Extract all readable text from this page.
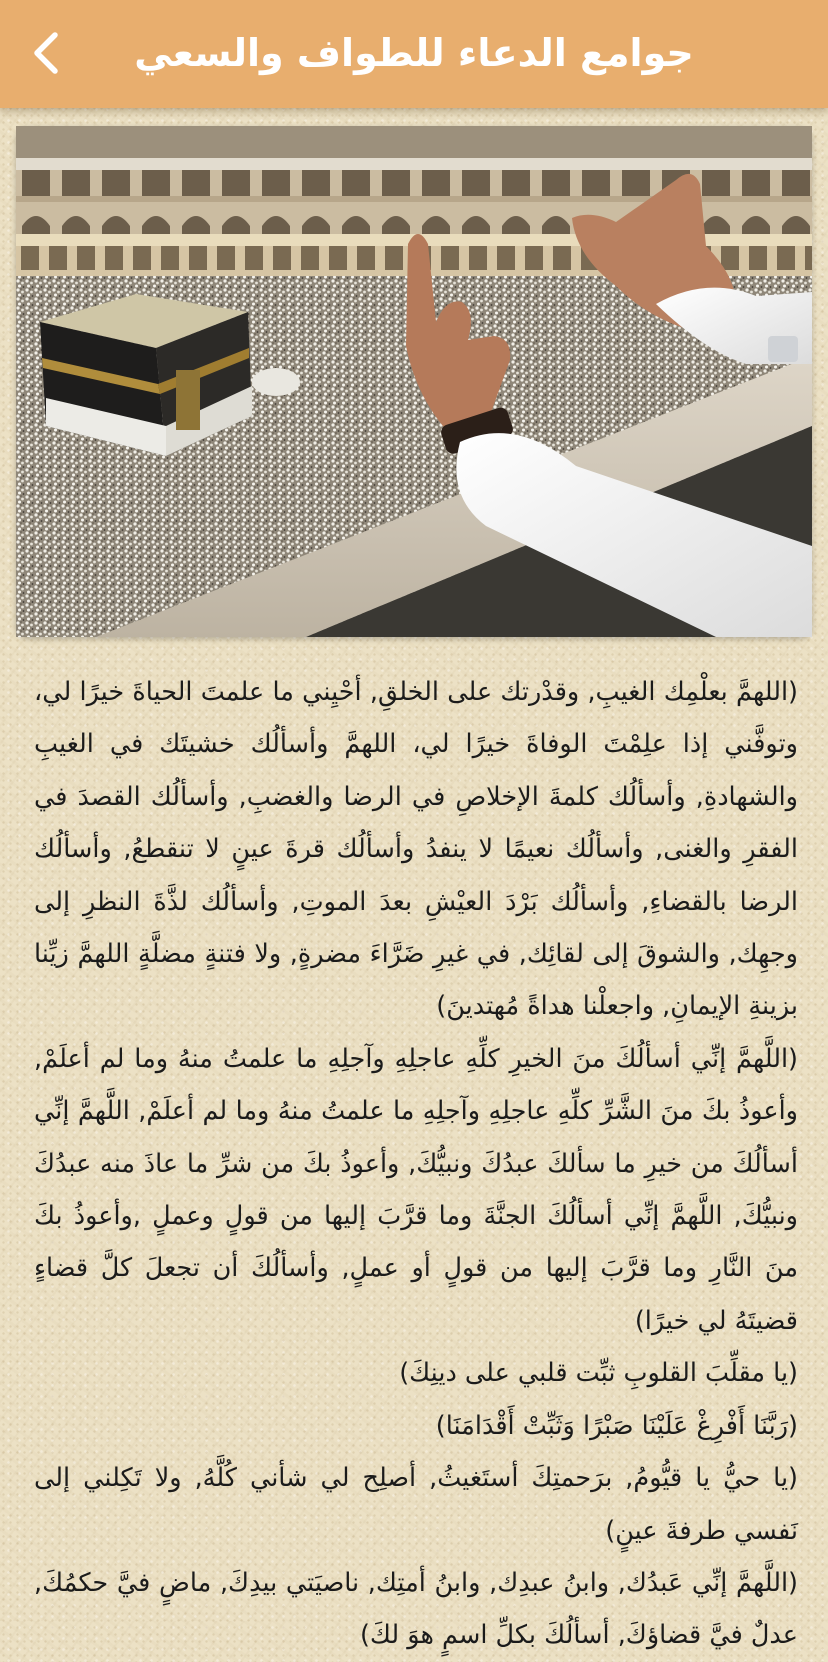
جوامع الدعاء للطواف والسعي

(اللهمَّ بعلْمِك الغيبِ, وقدْرتك على الخلقِ, أحْيِني ما علمتَ الحياةَ خيرًا لي، وتوفَّني إذا علِمْتَ الوفاةَ خيرًا لي، اللهمَّ وأسألُك خشيتَك في الغيبِ والشهادةِ, وأسألُك كلمةَ الإخلاصِ في الرضا والغضبِ, وأسألُك القصدَ في الفقرِ والغنى, وأسألُك نعيمًا لا ينفدُ وأسألُك قرةَ عينٍ لا تنقطعُ, وأسألُك الرضا بالقضاءِ, وأسألُك بَرْدَ العيْشِ بعدَ الموتِ, وأسألُك لذَّةَ النظرِ إلى وجهِك, والشوقَ إلى لقائِك, في غيرِ ضَرَّاءَ مضرةٍ, ولا فتنةٍ مضلَّةٍ اللهمَّ زيِّنا بزينةِ الإيمانِ, واجعلْنا هداةً مُهتدينَ)

(اللَّهمَّ إنِّي أسألُكَ منَ الخيرِ كلِّهِ عاجلِهِ وآجلِهِ ما علمتُ منهُ وما لم أعلَمْ, وأعوذُ بكَ منَ الشَّرِّ كلِّهِ عاجلِهِ وآجلِهِ ما علمتُ منهُ وما لم أعلَمْ, اللَّهمَّ إنِّي أسألُكَ من خيرِ ما سألكَ عبدُكَ ونبيُّكَ, وأعوذُ بكَ من شرِّ ما عاذَ منه عبدُكَ ونبيُّكَ, اللَّهمَّ إنِّي أسألُكَ الجنَّةَ وما قرَّبَ إليها من قولٍ وعملٍ ,وأعوذُ بكَ منَ النَّارِ وما قرَّبَ إليها من قولٍ أو عملٍ, وأسألُكَ أن تجعلَ كلَّ قضاءٍ قضيتَهُ لي خيرًا)

(يا مقلِّبَ القلوبِ ثبِّت قلبي على دينِكَ)

(رَبَّنَا أَفْرِغْ عَلَيْنَا صَبْرًا وَثَبِّتْ أَقْدَامَنَا)

(يا حيُّ يا قيُّومُ, برَحمتِكَ أستَغيثُ, أصلِح لي شأني كُلَّهُ, ولا تَكِلني إلى نَفسي طرفةَ عينٍ)

(اللَّهمَّ إنِّي عَبدُك, وابنُ عبدِك, وابنُ أمتِك, ناصيَتي بيدِكَ, ماضٍ فيَّ حكمُكَ, عدلٌ فيَّ قضاؤكَ, أسألُكَ بكلِّ اسمٍ هوَ لكَ)
